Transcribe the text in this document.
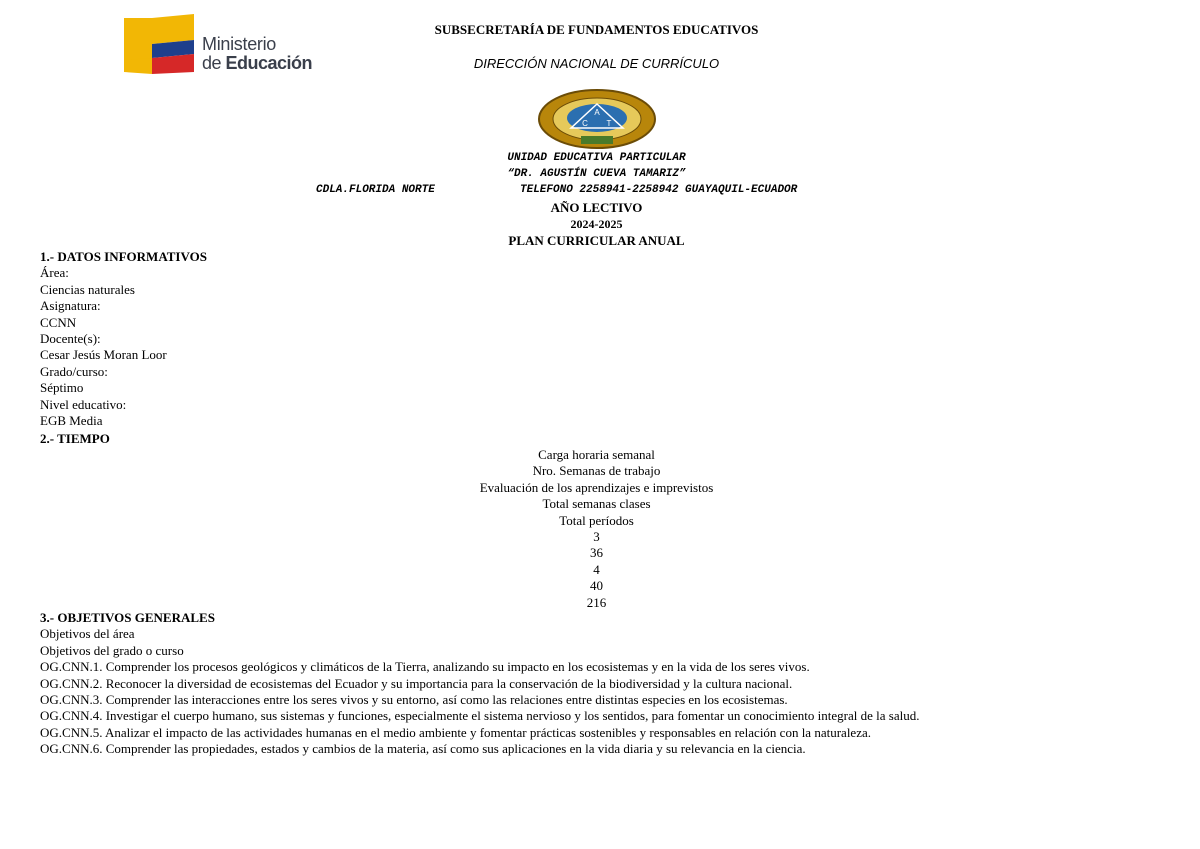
Ministerio
de Educación
SUBSECRETARÍA DE FUNDAMENTOS EDUCATIVOS
DIRECCIÓN NACIONAL DE CURRÍCULO
A
C T
UNIDAD EDUCATIVA PARTICULAR
“DR. AGUSTÍN CUEVA TAMARIZ”
CDLA.FLORIDA NORTE	TELEFONO 2258941-2258942 GUAYAQUIL-ECUADOR
AÑO LECTIVO
2024-2025
PLAN CURRICULAR ANUAL
1.- DATOS INFORMATIVOS
Área:
Ciencias naturales
Asignatura:
CCNN
Docente(s):
Cesar Jesús Moran Loor
Grado/curso:
Séptimo
Nivel educativo:
EGB Media
2.- TIEMPO
Carga horaria semanal
Nro. Semanas de trabajo
Evaluación de los aprendizajes e imprevistos
Total semanas clases
Total períodos
3
36
4
40
216
3.- OBJETIVOS GENERALES
Objetivos del área
Objetivos del grado o curso
OG.CNN.1. Comprender los procesos geológicos y climáticos de la Tierra, analizando su impacto en los ecosistemas y en la vida de los seres vivos.
OG.CNN.2. Reconocer la diversidad de ecosistemas del Ecuador y su importancia para la conservación de la biodiversidad y la cultura nacional.
OG.CNN.3. Comprender las interacciones entre los seres vivos y su entorno, así como las relaciones entre distintas especies en los ecosistemas.
OG.CNN.4. Investigar el cuerpo humano, sus sistemas y funciones, especialmente el sistema nervioso y los sentidos, para fomentar un conocimiento integral de la salud.
OG.CNN.5. Analizar el impacto de las actividades humanas en el medio ambiente y fomentar prácticas sostenibles y responsables en relación con la naturaleza.
OG.CNN.6. Comprender las propiedades, estados y cambios de la materia, así como sus aplicaciones en la vida diaria y su relevancia en la ciencia.
